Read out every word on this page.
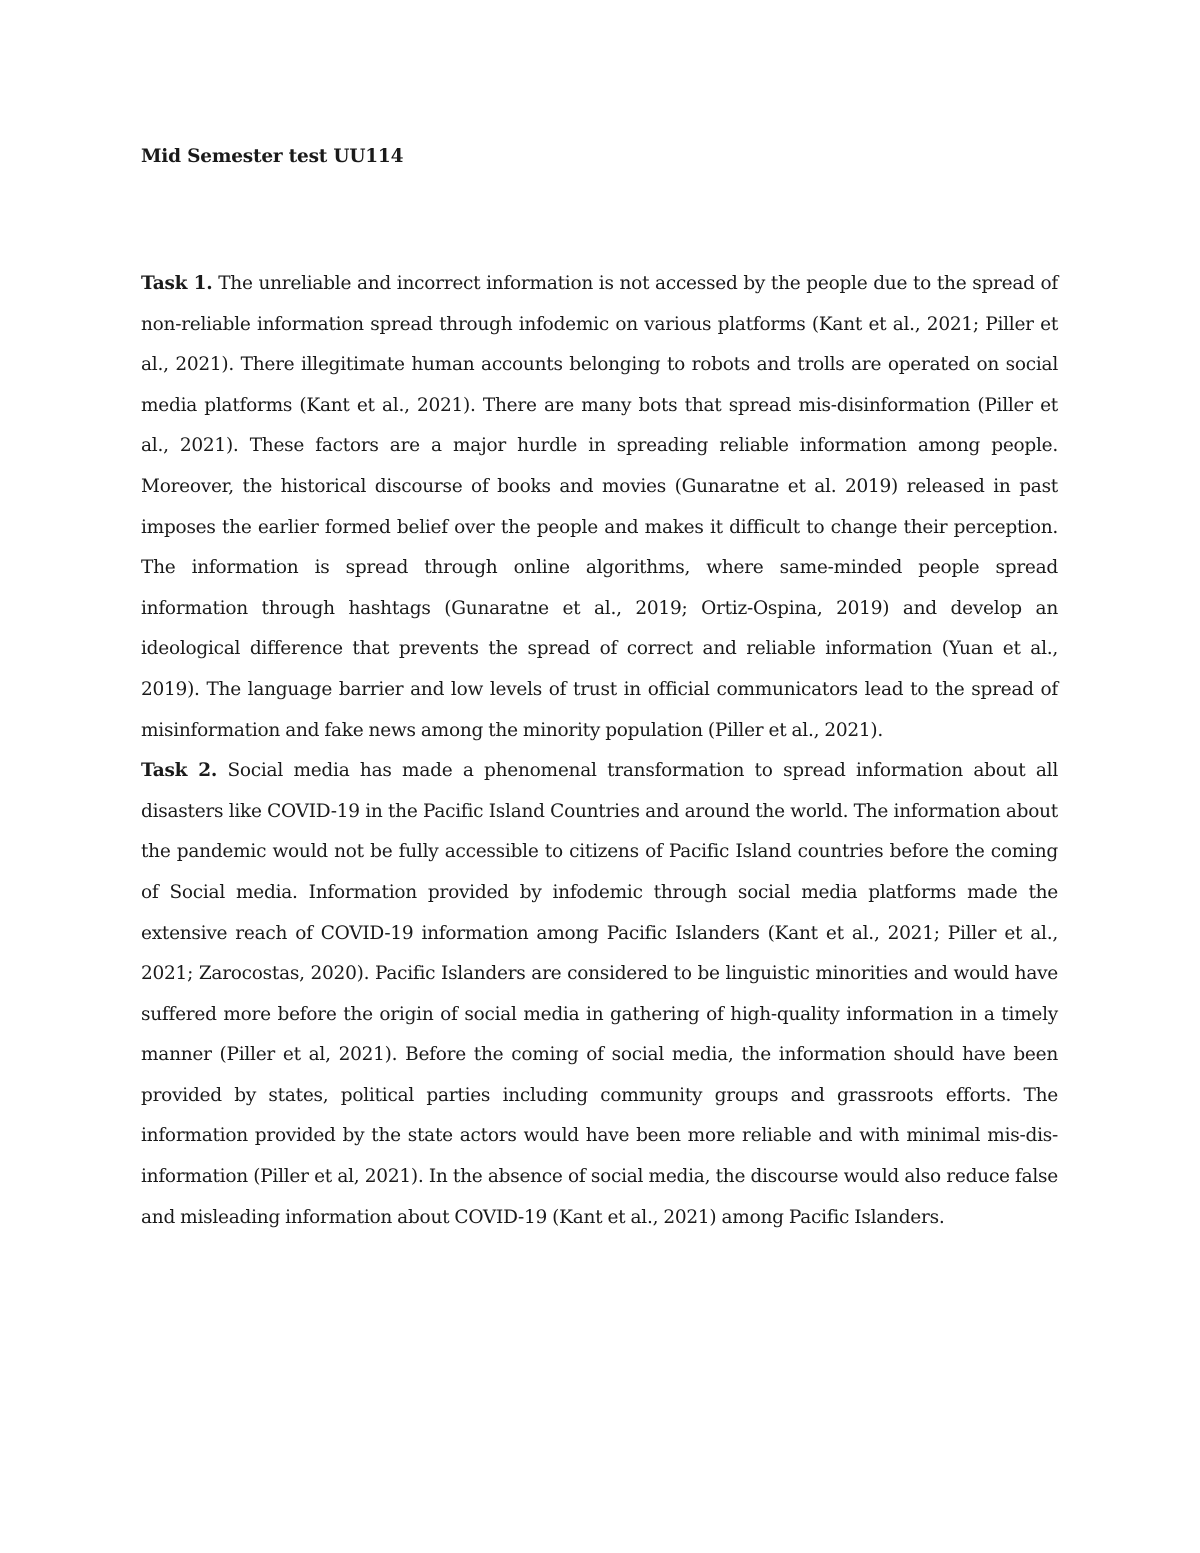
Mid Semester test UU114

Task 1. The unreliable and incorrect information is not accessed by the people due to the spread of non-reliable information spread through infodemic on various platforms (Kant et al., 2021; Piller et al., 2021). There illegitimate human accounts belonging to robots and trolls are operated on social media platforms (Kant et al., 2021). There are many bots that spread mis-disinformation (Piller et al., 2021). These factors are a major hurdle in spreading reliable information among people. Moreover, the historical discourse of books and movies (Gunaratne et al. 2019) released in past imposes the earlier formed belief over the people and makes it difficult to change their perception. The information is spread through online algorithms, where same-minded people spread information through hashtags (Gunaratne et al., 2019; Ortiz-Ospina, 2019) and develop an ideological difference that prevents the spread of correct and reliable information (Yuan et al., 2019). The language barrier and low levels of trust in official communicators lead to the spread of misinformation and fake news among the minority population (Piller et al., 2021).

Task 2. Social media has made a phenomenal transformation to spread information about all disasters like COVID-19 in the Pacific Island Countries and around the world. The information about the pandemic would not be fully accessible to citizens of Pacific Island countries before the coming of Social media. Information provided by infodemic through social media platforms made the extensive reach of COVID-19 information among Pacific Islanders (Kant et al., 2021; Piller et al., 2021; Zarocostas, 2020). Pacific Islanders are considered to be linguistic minorities and would have suffered more before the origin of social media in gathering of high-quality information in a timely manner (Piller et al, 2021). Before the coming of social media, the information should have been provided by states, political parties including community groups and grassroots efforts. The information provided by the state actors would have been more reliable and with minimal mis-dis-information (Piller et al, 2021). In the absence of social media, the discourse would also reduce false and misleading information about COVID-19 (Kant et al., 2021) among Pacific Islanders.
